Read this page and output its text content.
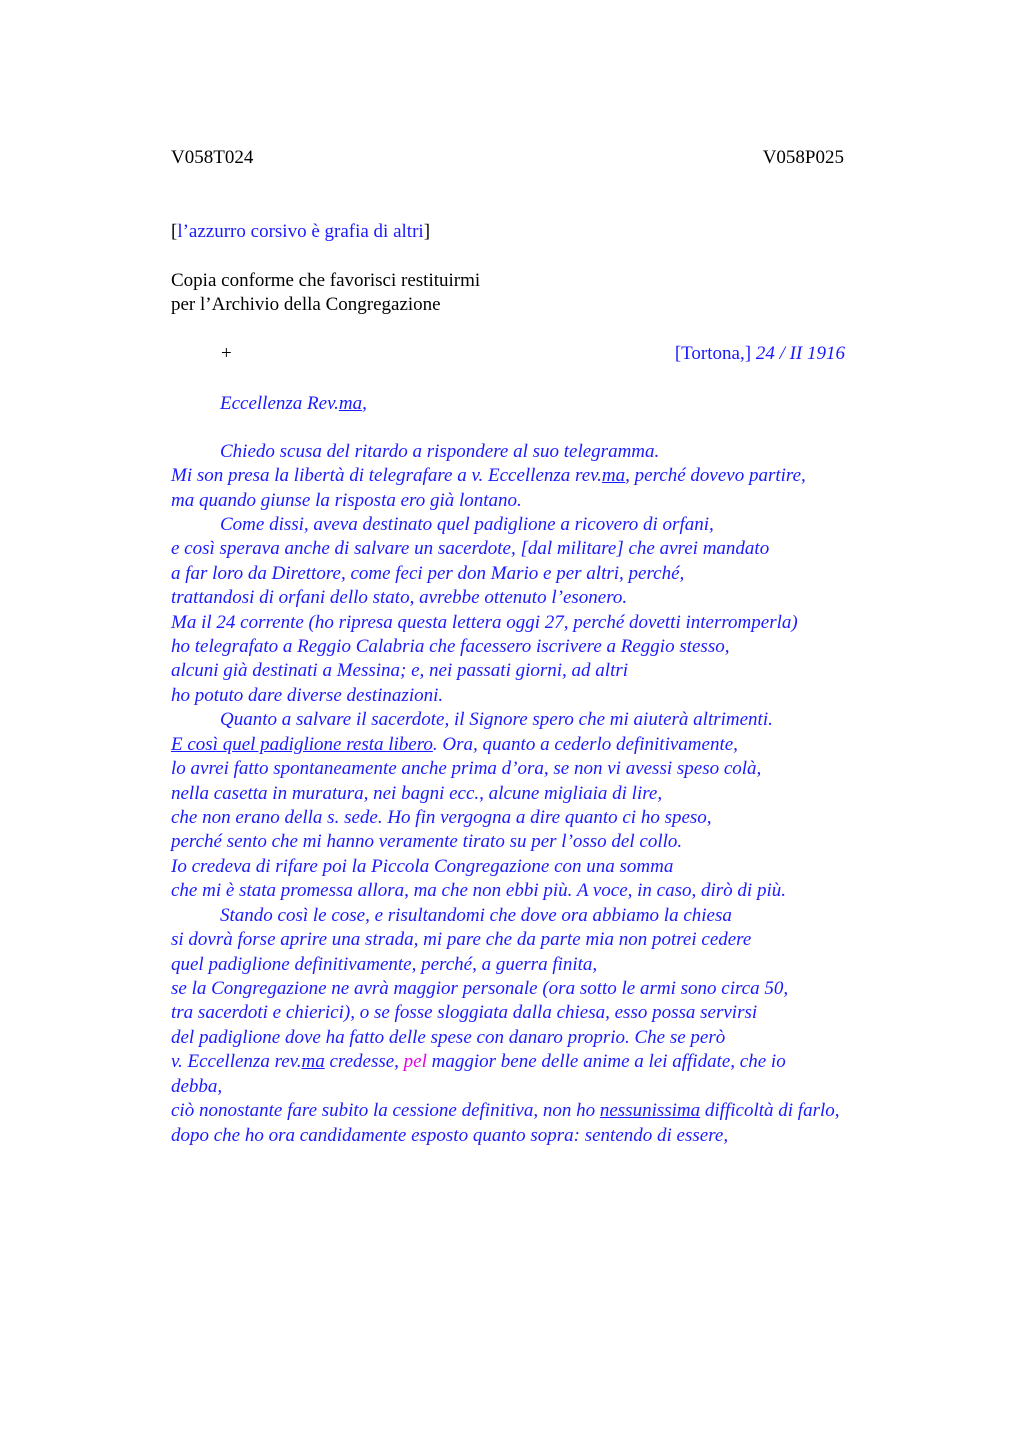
V058T024	V058P025
[l’azzurro corsivo è grafia di altri]
Copia conforme che favorisci restituirmi
per l’Archivio della Congregazione
+	[Tortona,] 24 / II 1916
Eccellenza Rev.ma,
Chiedo scusa del ritardo a rispondere al suo telegramma.
Mi son presa la libertà di telegrafare a v. Eccellenza rev.ma, perché dovevo partire,
ma quando giunse la risposta ero già lontano.
Come dissi, aveva destinato quel padiglione a ricovero di orfani,
e così sperava anche di salvare un sacerdote, [dal militare] che avrei mandato
a far loro da Direttore, come feci per don Mario e per altri, perché,
trattandosi di orfani dello stato, avrebbe ottenuto l’esonero.
Ma il 24 corrente (ho ripresa questa lettera oggi 27, perché dovetti interromperla)
ho telegrafato a Reggio Calabria che facessero iscrivere a Reggio stesso,
alcuni già destinati a Messina; e, nei passati giorni, ad altri
ho potuto dare diverse destinazioni.
Quanto a salvare il sacerdote, il Signore spero che mi aiuterà altrimenti.
E così quel padiglione resta libero. Ora, quanto a cederlo definitivamente,
lo avrei fatto spontaneamente anche prima d’ora, se non vi avessi speso colà,
nella casetta in muratura, nei bagni ecc., alcune migliaia di lire,
che non erano della s. sede. Ho fin vergogna a dire quanto ci ho speso,
perché sento che mi hanno veramente tirato su per l’osso del collo.
Io credeva di rifare poi la Piccola Congregazione con una somma
che mi è stata promessa allora, ma che non ebbi più. A voce, in caso, dirò di più.
Stando così le cose, e risultandomi che dove ora abbiamo la chiesa
si dovrà forse aprire una strada, mi pare che da parte mia non potrei cedere
quel padiglione definitivamente, perché, a guerra finita,
se la Congregazione ne avrà maggior personale (ora sotto le armi sono circa 50,
tra sacerdoti e chierici), o se fosse sloggiata dalla chiesa, esso possa servirsi
del padiglione dove ha fatto delle spese con danaro proprio. Che se però
v. Eccellenza rev.ma credesse, pel maggior bene delle anime a lei affidate, che io
debba,
ciò nonostante fare subito la cessione definitiva, non ho nessunissima difficoltà di farlo,
dopo che ho ora candidamente esposto quanto sopra: sentendo di essere,
